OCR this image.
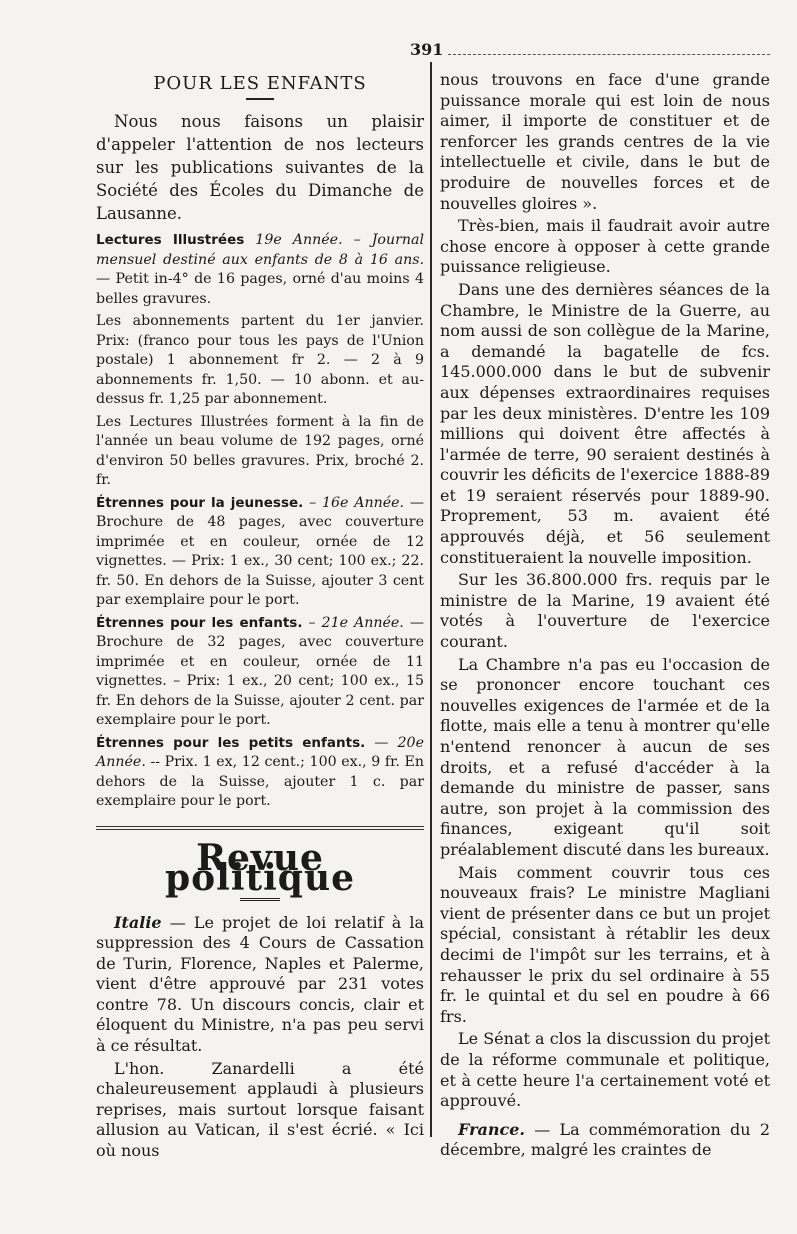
391

POUR LES ENFANTS

Nous nous faisons un plaisir d'appeler l'attention de nos lecteurs sur les publications suivantes de la Société des Écoles du Dimanche de Lausanne.

Lectures Illustrées 19e Année. – Journal mensuel destiné aux enfants de 8 à 16 ans. — Petit in-4° de 16 pages, orné d'au moins 4 belles gravures.

Les abonnements partent du 1er janvier. Prix: (franco pour tous les pays de l'Union postale) 1 abonnement fr 2. — 2 à 9 abonnements fr. 1,50. — 10 abonn. et au-dessus fr. 1,25 par abonnement.

Les Lectures Illustrées forment à la fin de l'année un beau volume de 192 pages, orné d'environ 50 belles gravures. Prix, broché 2. fr.

Étrennes pour la jeunesse. – 16e Année. — Brochure de 48 pages, avec couverture imprimée et en couleur, ornée de 12 vignettes. — Prix: 1 ex., 30 cent; 100 ex.; 22. fr. 50. En dehors de la Suisse, ajouter 3 cent par exemplaire pour le port.
Étrennes pour les enfants. – 21e Année. — Brochure de 32 pages, avec couverture imprimée et en couleur, ornée de 11 vignettes. – Prix: 1 ex., 20 cent; 100 ex., 15 fr. En dehors de la Suisse, ajouter 2 cent. par exemplaire pour le port.
Étrennes pour les petits enfants. — 20e Année. -- Prix. 1 ex, 12 cent.; 100 ex., 9 fr. En dehors de la Suisse, ajouter 1 c. par exemplaire pour le port.

Revue politique

Italie — Le projet de loi relatif à la suppression des 4 Cours de Cassation de Turin, Florence, Naples et Palerme, vient d'être approuvé par 231 votes contre 78. Un discours concis, clair et éloquent du Ministre, n'a pas peu servi à ce résultat.

L'hon. Zanardelli a été chaleureusement applaudi à plusieurs reprises, mais surtout lorsque faisant allusion au Vatican, il s'est écrié. « Ici où nous

nous trouvons en face d'une grande puissance morale qui est loin de nous aimer, il importe de constituer et de renforcer les grands centres de la vie intellectuelle et civile, dans le but de produire de nouvelles forces et de nouvelles gloires ».

Très-bien, mais il faudrait avoir autre chose encore à opposer à cette grande puissance religieuse.

Dans une des dernières séances de la Chambre, le Ministre de la Guerre, au nom aussi de son collègue de la Marine, a demandé la bagatelle de fcs. 145.000.000 dans le but de subvenir aux dépenses extraordinaires requises par les deux ministères. D'entre les 109 millions qui doivent être affectés à l'armée de terre, 90 seraient destinés à couvrir les déficits de l'exercice 1888-89 et 19 seraient réservés pour 1889-90. Proprement, 53 m. avaient été approuvés déjà, et 56 seulement constitueraient la nouvelle imposition.

Sur les 36.800.000 frs. requis par le ministre de la Marine, 19 avaient été votés à l'ouverture de l'exercice courant.

La Chambre n'a pas eu l'occasion de se prononcer encore touchant ces nouvelles exigences de l'armée et de la flotte, mais elle a tenu à montrer qu'elle n'entend renoncer à aucun de ses droits, et a refusé d'accéder à la demande du ministre de passer, sans autre, son projet à la commission des finances, exigeant qu'il soit préalablement discuté dans les bureaux.

Mais comment couvrir tous ces nouveaux frais? Le ministre Magliani vient de présenter dans ce but un projet spécial, consistant à rétablir les deux decimi de l'impôt sur les terrains, et à rehausser le prix du sel ordinaire à 55 fr. le quintal et du sel en poudre à 66 frs.

Le Sénat a clos la discussion du projet de la réforme communale et politique, et à cette heure l'a certainement voté et approuvé.

France. — La commémoration du 2 décembre, malgré les craintes de
